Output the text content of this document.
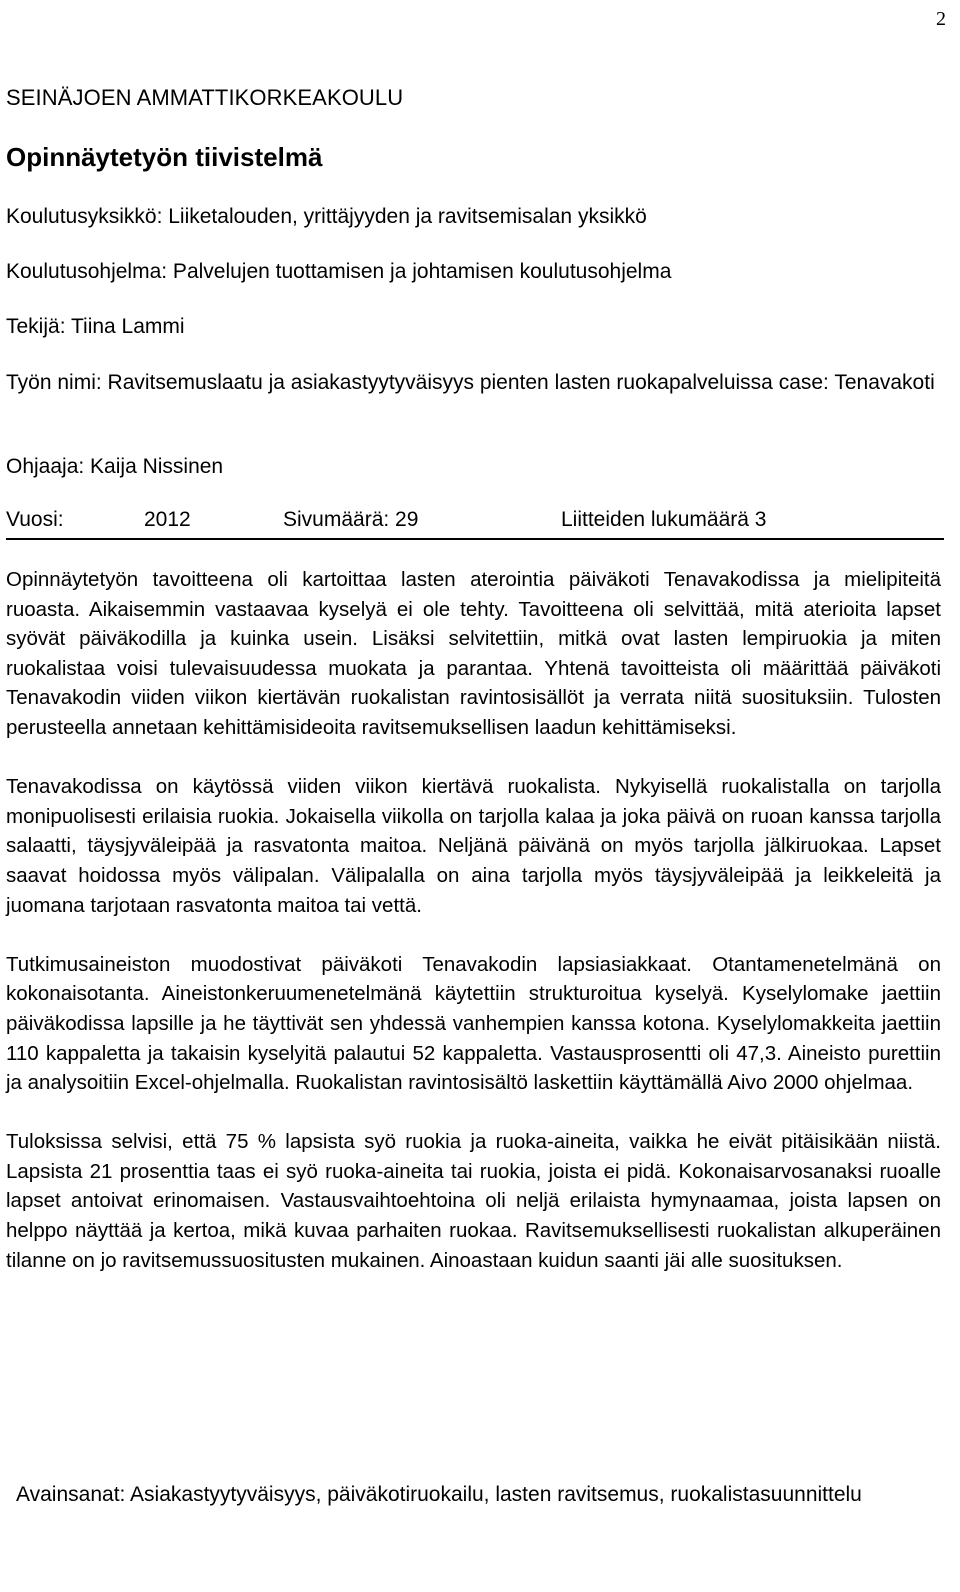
2
SEINÄJOEN AMMATTIKORKEAKOULU
Opinnäytetyön tiivistelmä
Koulutusyksikkö: Liiketalouden, yrittäjyyden ja ravitsemisalan yksikkö
Koulutusohjelma: Palvelujen tuottamisen ja johtamisen koulutusohjelma
Tekijä: Tiina Lammi
Työn nimi: Ravitsemuslaatu ja asiakastyytyväisyys pienten lasten ruokapalveluissa case: Tenavakoti
Ohjaaja: Kaija Nissinen
Vuosi:	2012	Sivumäärä: 29	Liitteiden lukumäärä 3

Opinnäytetyön tavoitteena oli kartoittaa lasten aterointia päiväkoti Tenavakodissa ja mielipiteitä ruoasta. Aikaisemmin vastaavaa kyselyä ei ole tehty. Tavoitteena oli selvittää, mitä aterioita lapset syövät päiväkodilla ja kuinka usein. Lisäksi selvitettiin, mitkä ovat lasten lempiruokia ja miten ruokalistaa voisi tulevaisuudessa muokata ja parantaa. Yhtenä tavoitteista oli määrittää päiväkoti Tenavakodin viiden viikon kiertävän ruokalistan ravintosisällöt ja verrata niitä suosituksiin. Tulosten perusteella annetaan kehittämisideoita ravitsemuksellisen laadun kehittämiseksi.

Tenavakodissa on käytössä viiden viikon kiertävä ruokalista. Nykyisellä ruokalistalla on tarjolla monipuolisesti erilaisia ruokia. Jokaisella viikolla on tarjolla kalaa ja joka päivä on ruoan kanssa tarjolla salaatti, täysjyväleipää ja rasvatonta maitoa. Neljänä päivänä on myös tarjolla jälkiruokaa. Lapset saavat hoidossa myös välipalan. Välipalalla on aina tarjolla myös täysjyväleipää ja leikkeleitä ja juomana tarjotaan rasvatonta maitoa tai vettä.

Tutkimusaineiston muodostivat päiväkoti Tenavakodin lapsiasiakkaat. Otantamenetelmänä on kokonaisotanta. Aineistonkeruumenetelmänä käytettiin strukturoitua kyselyä. Kyselylomake jaettiin päiväkodissa lapsille ja he täyttivät sen yhdessä vanhempien kanssa kotona. Kyselylomakkeita jaettiin 110 kappaletta ja takaisin kyselyitä palautui 52 kappaletta. Vastausprosentti oli 47,3. Aineisto purettiin ja analysoitiin Excel-ohjelmalla. Ruokalistan ravintosisältö laskettiin käyttämällä Aivo 2000 ohjelmaa.

Tuloksissa selvisi, että 75 % lapsista syö ruokia ja ruoka-aineita, vaikka he eivät pitäisikään niistä. Lapsista 21 prosenttia taas ei syö ruoka-aineita tai ruokia, joista ei pidä. Kokonaisarvosanaksi ruoalle lapset antoivat erinomaisen. Vastausvaihtoehtoina oli neljä erilaista hymynaamaa, joista lapsen on helppo näyttää ja kertoa, mikä kuvaa parhaiten ruokaa. Ravitsemuksellisesti ruokalistan alkuperäinen tilanne on jo ravitsemussuositusten mukainen. Ainoastaan kuidun saanti jäi alle suosituksen.

Avainsanat: Asiakastyytyväisyys, päiväkotiruokailu, lasten ravitsemus, ruokalistasuunnittelu
